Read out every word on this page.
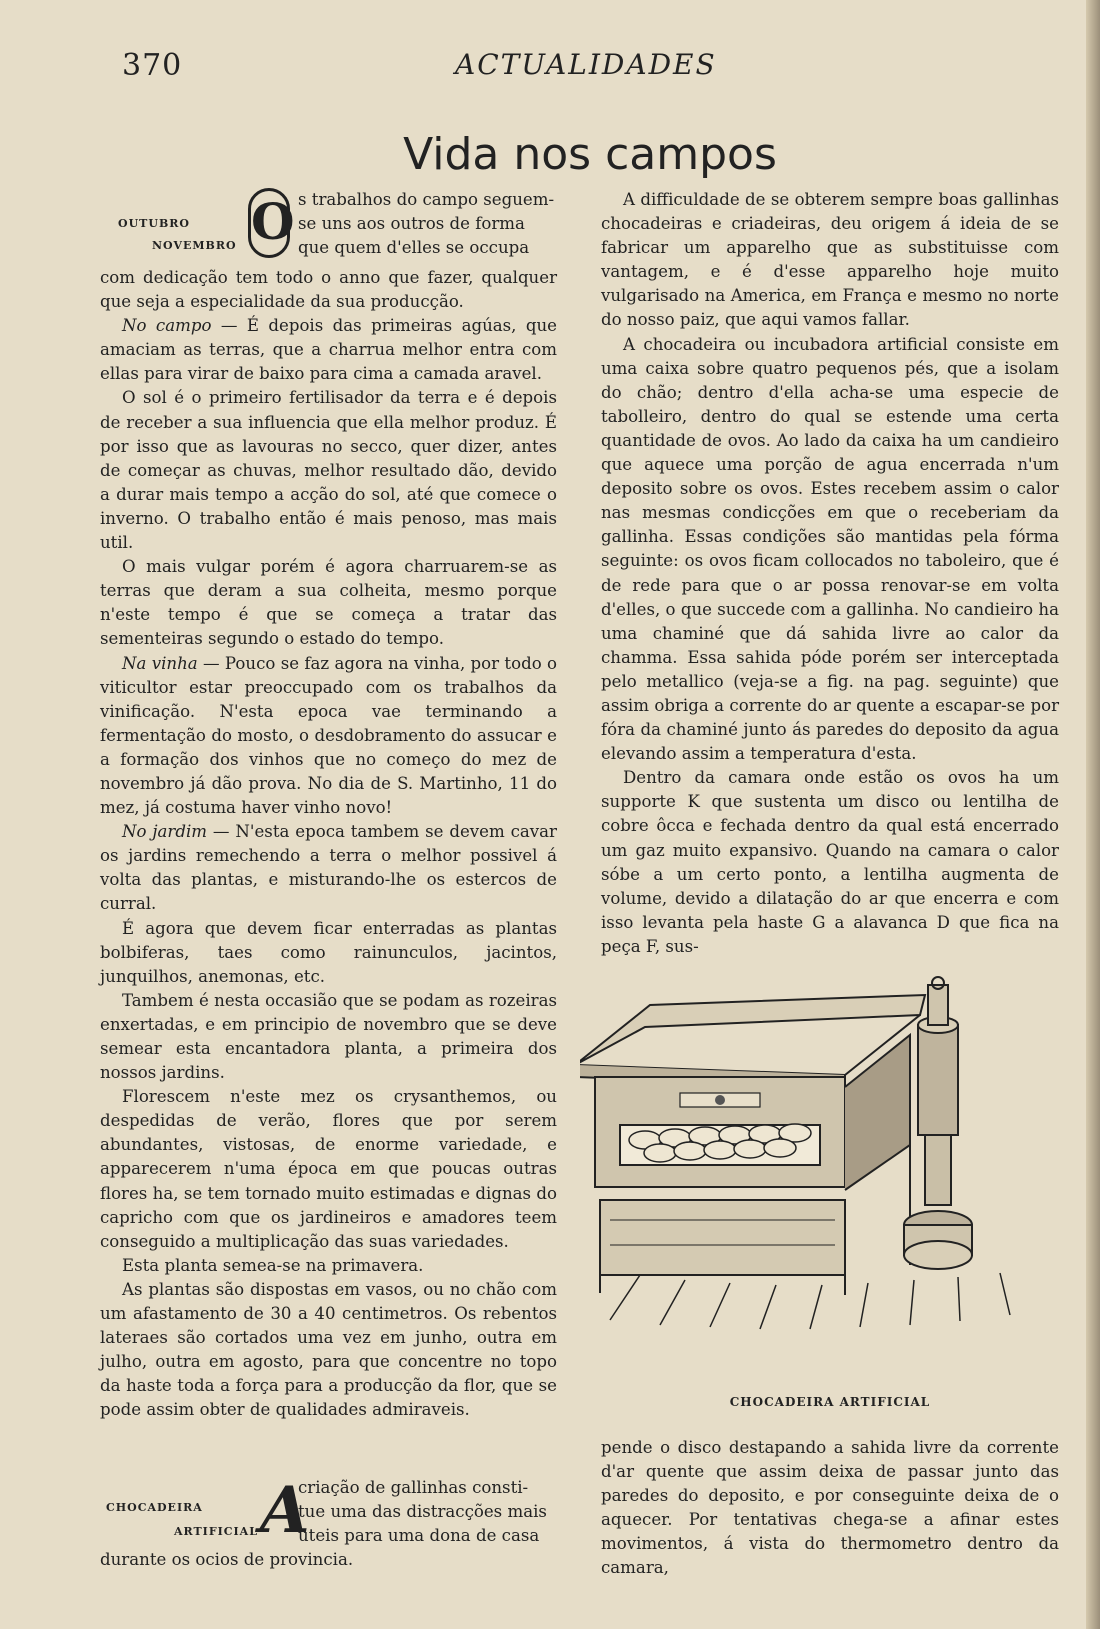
370	ACTUALIDADES
Vida nos campos
OUTUBRO
NOVEMBRO O s trabalhos do campo seguem-
se uns aos outros de forma
que quem d'elles se occupa

com dedicação tem todo o anno que fazer, qualquer que seja a especialidade da sua producção.

No campo — É depois das primeiras agúas, que amaciam as terras, que a charrua melhor entra com ellas para virar de baixo para cima a camada aravel.

O sol é o primeiro fertilisador da terra e é depois de receber a sua influencia que ella melhor produz. É por isso que as lavouras no secco, quer dizer, antes de começar as chuvas, melhor resultado dão, devido a durar mais tempo a acção do sol, até que comece o inverno. O trabalho então é mais penoso, mas mais util.

O mais vulgar porém é agora charruarem-se as terras que deram a sua colheita, mesmo porque n'este tempo é que se começa a tratar das sementeiras segundo o estado do tempo.

Na vinha — Pouco se faz agora na vinha, por todo o viticultor estar preoccupado com os trabalhos da vinificação. N'esta epoca vae terminando a fermentação do mosto, o desdobramento do assucar e a formação dos vinhos que no começo do mez de novembro já dão prova. No dia de S. Martinho, 11 do mez, já costuma haver vinho novo!

No jardim — N'esta epoca tambem se devem cavar os jardins remechendo a terra o melhor possivel á volta das plantas, e misturando-lhe os estercos de curral.

É agora que devem ficar enterradas as plantas bolbiferas, taes como rainunculos, jacintos, junquilhos, anemonas, etc.

Tambem é nesta occasião que se podam as rozeiras enxertadas, e em principio de novembro que se deve semear esta encantadora planta, a primeira dos nossos jardins.

Florescem n'este mez os crysanthemos, ou despedidas de verão, flores que por serem abundantes, vistosas, de enorme variedade, e apparecerem n'uma época em que poucas outras flores ha, se tem tornado muito estimadas e dignas do capricho com que os jardineiros e amadores teem conseguido a multiplicação das suas variedades.

Esta planta semea-se na primavera.

As plantas são dispostas em vasos, ou no chão com um afastamento de 30 a 40 centimetros. Os rebentos lateraes são cortados uma vez em junho, outra em julho, outra em agosto, para que concentre no topo da haste toda a força para a producção da flor, que se pode assim obter de qualidades admiraveis.

CHOCADEIRA
ARTIFICIAL A
criação de gallinhas consti-
tue uma das distracções mais
uteis para uma dona de casa
durante os ocios de provincia.

A difficuldade de se obterem sempre boas gallinhas chocadeiras e criadeiras, deu origem á ideia de se fabricar um apparelho que as substituisse com vantagem, e é d'esse apparelho hoje muito vulgarisado na America, em França e mesmo no norte do nosso paiz, que aqui vamos fallar.

A chocadeira ou incubadora artificial consiste em uma caixa sobre quatro pequenos pés, que a isolam do chão; dentro d'ella acha-se uma especie de tabolleiro, dentro do qual se estende uma certa quantidade de ovos. Ao lado da caixa ha um candieiro que aquece uma porção de agua encerrada n'um deposito sobre os ovos. Estes recebem assim o calor nas mesmas condicções em que o receberiam da gallinha. Essas condições são mantidas pela fórma seguinte: os ovos ficam collocados no taboleiro, que é de rede para que o ar possa renovar-se em volta d'elles, o que succede com a gallinha. No candieiro ha uma chaminé que dá sahida livre ao calor da chamma. Essa sahida póde porém ser interceptada pelo metallico (veja-se a fig. na pag. seguinte) que assim obriga a corrente do ar quente a escapar-se por fóra da chaminé junto ás paredes do deposito da agua elevando assim a temperatura d'esta.

Dentro da camara onde estão os ovos ha um supporte K que sustenta um disco ou lentilha de cobre ôcca e fechada dentro da qual está encerrado um gaz muito expansivo. Quando na camara o calor sóbe a um certo ponto, a lentilha augmenta de volume, devido a dilatação do ar que encerra e com isso levanta pela haste G a alavanca D que fica na peça F, sus-

CHOCADEIRA ARTIFICIAL

pende o disco destapando a sahida livre da corrente d'ar quente que assim deixa de passar junto das paredes do deposito, e por conseguinte deixa de o aquecer. Por tentativas chega-se a afinar estes movimentos, á vista do thermometro dentro da camara,
